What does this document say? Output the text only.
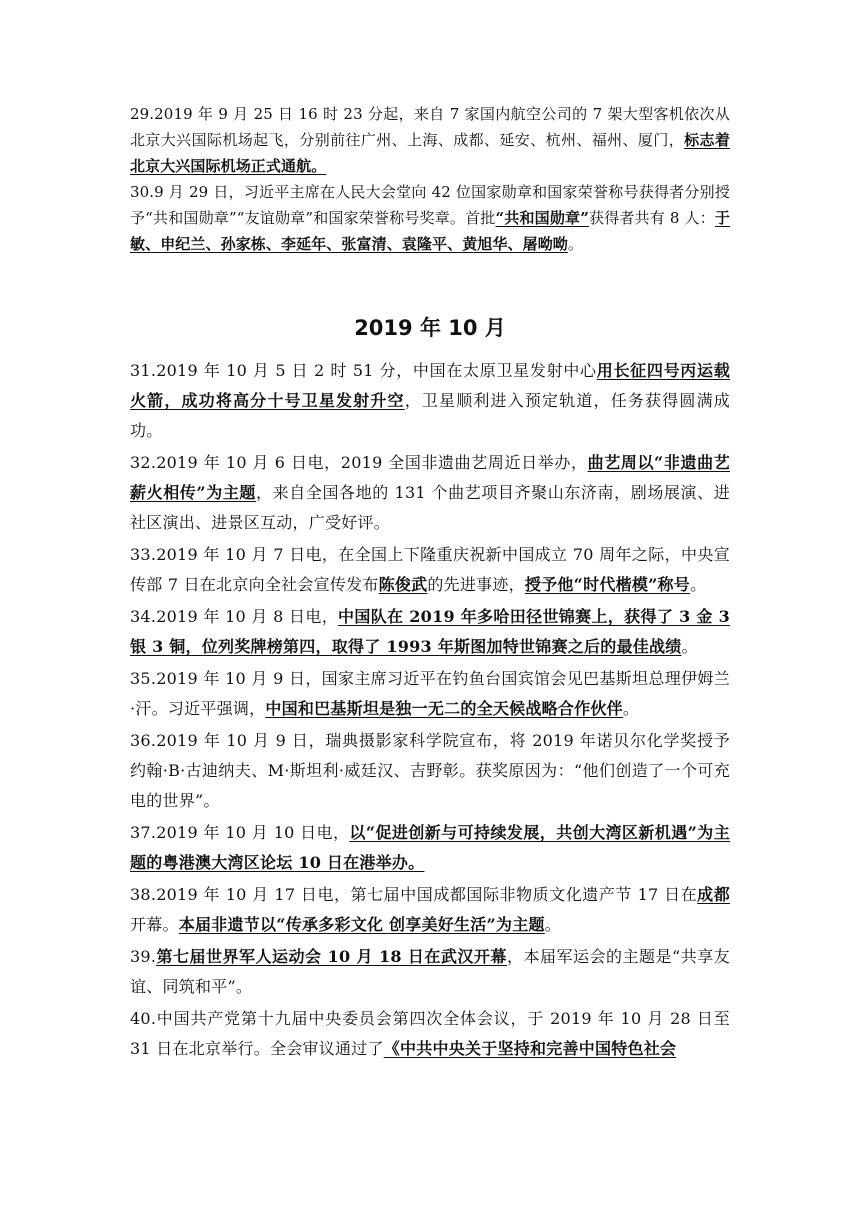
29.2019 年 9 月 25 日 16 时 23 分起，来自 7 家国内航空公司的 7 架大型客机依次从北京大兴国际机场起飞，分别前往广州、上海、成都、延安、杭州、福州、厦门，标志着北京大兴国际机场正式通航。

30.9 月 29 日，习近平主席在人民大会堂向 42 位国家勋章和国家荣誉称号获得者分别授予“共和国勋章”“友谊勋章”和国家荣誉称号奖章。首批“共和国勋章”获得者共有 8 人：于敏、申纪兰、孙家栋、李延年、张富清、袁隆平、黄旭华、屠呦呦。

2019 年 10 月

31.2019 年 10 月 5 日 2 时 51 分，中国在太原卫星发射中心用长征四号丙运载火箭，成功将高分十号卫星发射升空，卫星顺利进入预定轨道，任务获得圆满成功。

32.2019 年 10 月 6 日电，2019 全国非遗曲艺周近日举办，曲艺周以“非遗曲艺薪火相传”为主题，来自全国各地的 131 个曲艺项目齐聚山东济南，剧场展演、进社区演出、进景区互动，广受好评。

33.2019 年 10 月 7 日电，在全国上下隆重庆祝新中国成立 70 周年之际，中央宣传部 7 日在北京向全社会宣传发布陈俊武的先进事迹，授予他“时代楷模”称号。

34.2019 年 10 月 8 日电，中国队在 2019 年多哈田径世锦赛上，获得了 3 金 3 银 3 铜，位列奖牌榜第四，取得了 1993 年斯图加特世锦赛之后的最佳战绩。

35.2019 年 10 月 9 日，国家主席习近平在钓鱼台国宾馆会见巴基斯坦总理伊姆兰·汗。习近平强调，中国和巴基斯坦是独一无二的全天候战略合作伙伴。

36.2019 年 10 月 9 日，瑞典摄影家科学院宣布，将 2019 年诺贝尔化学奖授予约翰·B·古迪纳夫、M·斯坦利·威廷汉、吉野彰。获奖原因为：“他们创造了一个可充电的世界”。

37.2019 年 10 月 10 日电，以“促进创新与可持续发展，共创大湾区新机遇”为主题的粤港澳大湾区论坛 10 日在港举办。

38.2019 年 10 月 17 日电，第七届中国成都国际非物质文化遗产节 17 日在成都开幕。本届非遗节以“传承多彩文化 创享美好生活”为主题。

39.第七届世界军人运动会 10 月 18 日在武汉开幕，本届军运会的主题是“共享友谊、同筑和平”。

40.中国共产党第十九届中央委员会第四次全体会议，于 2019 年 10 月 28 日至 31 日在北京举行。全会审议通过了《中共中央关于坚持和完善中国特色社会
